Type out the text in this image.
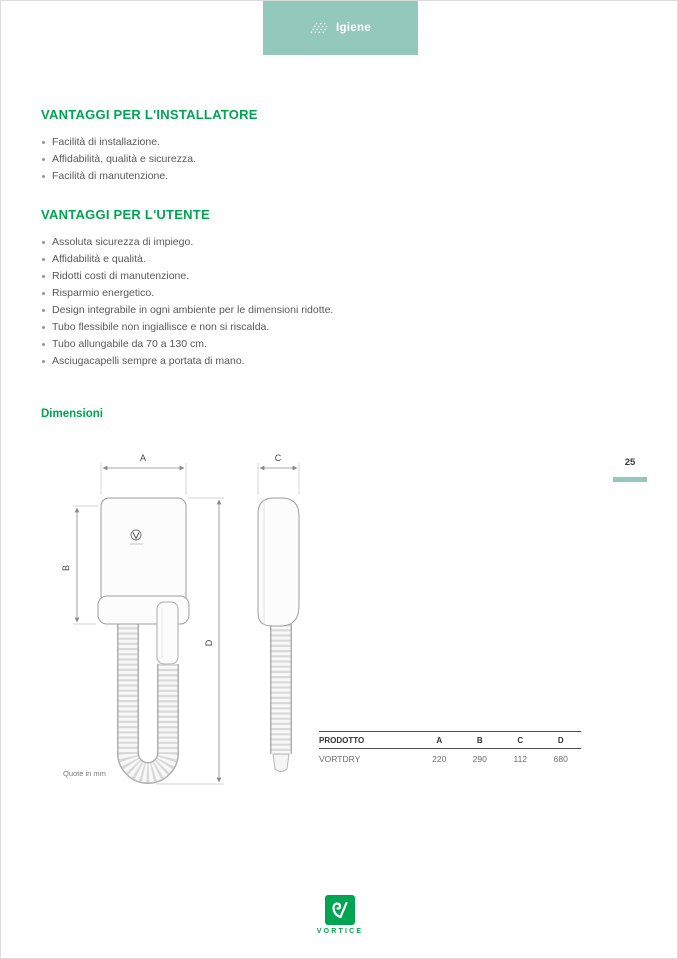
Igiene
VANTAGGI PER L'INSTALLATORE
Facilità di installazione.
Affidabilità, qualità e sicurezza.
Facilità di manutenzione.
VANTAGGI PER L'UTENTE
Assoluta sicurezza di impiego.
Affidabilità e qualità.
Ridotti costi di manutenzione.
Risparmio energetico.
Design integrabile in ogni ambiente per le dimensioni ridotte.
Tubo flessibile non ingiallisce e non si riscalda.
Tubo allungabile da 70 a 130 cm.
Asciugacapelli sempre a portata di mano.
Dimensioni
A
B
D
C
Quote in mm
PRODOTTO	A	B	C	D
VORTDRY	220	290	112	680
25
VORTICE
